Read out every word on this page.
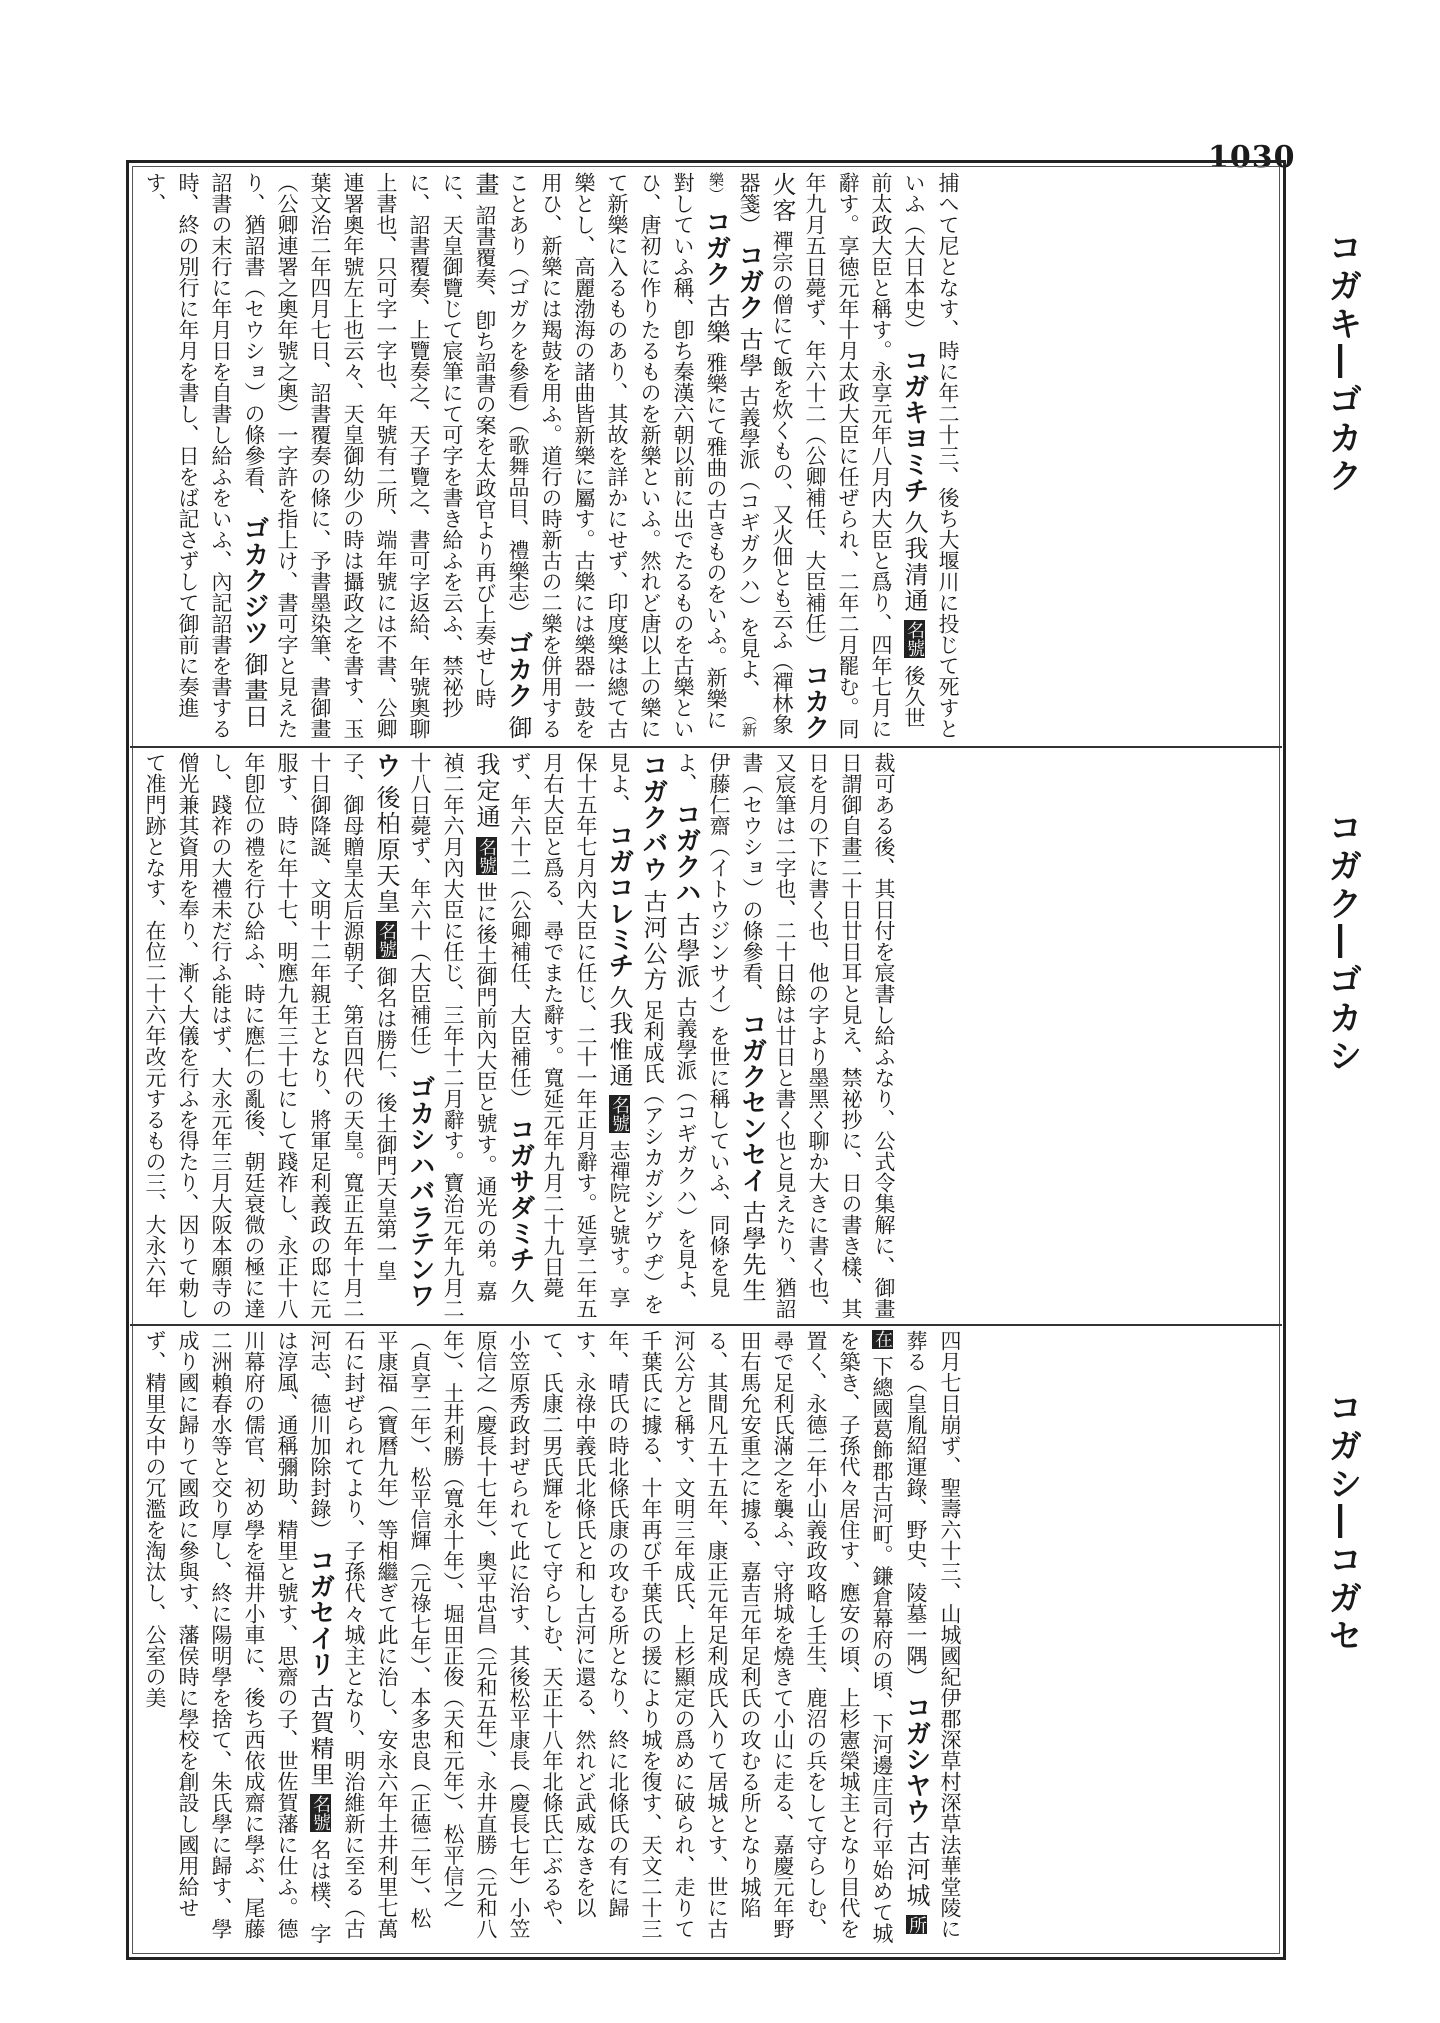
1030
コガキ―ゴカク
コガク―ゴカシ
コガシ―コガセ
捕へて尼となす、時に年二十三、後ち大堰川に投じて死すといふ（大日本史） コガキヨミチ 久我清通 名號 後久世前太政大臣と稱す。永享元年八月内大臣と爲り、四年七月に辭す。享徳元年十月太政大臣に任ぜられ、二年二月罷む。同年九月五日薨ず、年六十二（公卿補任、大臣補任） コカク 火客 禪宗の僧にて飯を炊くもの、又火佃とも云ふ（禪林象器箋） コガク 古學 古義學派（コギガクハ）を見よ、 （新樂） コガク 古樂 雅樂にて雅曲の古きものをいふ。新樂に對していふ稱、卽ち秦漢六朝以前に出でたるものを古樂といひ、唐初に作りたるものを新樂といふ。然れど唐以上の樂にて新樂に入るものあり、其故を詳かにせず、印度樂は總て古樂とし、高麗渤海の諸曲皆新樂に屬す。古樂には樂器一鼓を用ひ、新樂には羯鼓を用ふ。道行の時新古の二樂を併用することあり（ゴガクを參看）（歌舞品目、禮樂志） ゴカク 御畫 詔書覆奏、卽ち詔書の案を太政官より再び上奏せし時に、天皇御覽じて宸筆にて可字を書き給ふを云ふ、禁祕抄に、詔書覆奏、上覽奏之、天子覽之、書可字返給、年號奧聊上書也、只可字一字也、年號有二所、端年號には不書、公卿連署奧年號左上也云々、天皇御幼少の時は攝政之を書す、玉葉文治二年四月七日、詔書覆奏の條に、予書墨染筆、書御畫（公卿連署之奧年號之奧）一字許を指上け、書可字と見えたり、猶詔書（セウショ）の條參看、 ゴカクジツ 御畫日 詔書の末行に年月日を自書し給ふをいふ、內記詔書を書する時、終の別行に年月を書し、日をば記さずして御前に奏進す、
裁可ある後、其日付を宸書し給ふなり、公式令集解に、御畫日謂御自畫二十日廿日耳と見え、禁祕抄に、日の書き樣、其日を月の下に書く也、他の字より墨黑く聊か大きに書く也、又宸筆は二字也、二十日餘は廿日と書く也と見えたり、猶詔書（セウショ）の條參看、 コガクセンセイ 古學先生 伊藤仁齋（イトウジンサイ）を世に稱していふ、同條を見よ、 コガクハ 古學派 古義學派（コギガクハ）を見よ、 コガクバウ 古河公方 足利成氏（アシカガシゲウヂ）を見よ、 コガコレミチ 久我惟通 名號 志禪院と號す。享保十五年七月內大臣に任じ、二十一年正月辭す。延享二年五月右大臣と爲る、尋でまた辭す。寬延元年九月二十九日薨ず、年六十二（公卿補任、大臣補任） コガサダミチ 久我定通 名號 世に後土御門前內大臣と號す。通光の弟。嘉禎二年六月內大臣に任じ、三年十二月辭す。寶治元年九月二十八日薨ず、年六十（大臣補任） ゴカシハバラテンワウ 後柏原天皇 名號 御名は勝仁、後土御門天皇第一皇子、御母贈皇太后源朝子、第百四代の天皇。寬正五年十月二十日御降誕、文明十二年親王となり、將軍足利義政の邸に元服す、時に年十七、明應九年三十七にして踐祚し、永正十八年卽位の禮を行ひ給ふ、時に應仁の亂後、朝廷衰微の極に達し、踐祚の大禮未だ行ふ能はず、大永元年三月大阪本願寺の僧光兼其資用を奉り、漸く大儀を行ふを得たり、因りて勅して准門跡となす、在位二十六年改元するもの三、大永六年
四月七日崩ず、聖壽六十三、山城國紀伊郡深草村深草法華堂陵に葬る（皇胤紹運錄、野史、陵墓一隅） コガシヤウ 古河城 所在 下總國葛飾郡古河町。鎌倉幕府の頃、下河邊庄司行平始めて城を築き、子孫代々居住す、應安の頃、上杉憲榮城主となり目代を置く、永德二年小山義政攻略し壬生、鹿沼の兵をして守らしむ、尋で足利氏滿之を襲ふ、守將城を燒きて小山に走る、嘉慶元年野田右馬允安重之に據る、嘉吉元年足利氏の攻むる所となり城陷る、其間凡五十五年、康正元年足利成氏入りて居城とす、世に古河公方と稱す、文明三年成氏、上杉顯定の爲めに破られ、走りて千葉氏に據る、十年再び千葉氏の援により城を復す、天文二十三年、晴氏の時北條氏康の攻むる所となり、終に北條氏の有に歸す、永祿中義氏北條氏と和し古河に還る、然れど武威なきを以て、氏康二男氏輝をして守らしむ、天正十八年北條氏亡ぶるや、小笠原秀政封ぜられて此に治す、其後松平康長（慶長七年）小笠原信之（慶長十七年）、奧平忠昌（元和五年）、永井直勝（元和八年）、土井利勝（寬永十年）、堀田正俊（天和元年）、松平信之（貞享二年）、松平信輝（元祿七年）、本多忠良（正德二年）、松平康福（寶曆九年）等相繼ぎて此に治し、安永六年土井利里七萬石に封ぜられてより、子孫代々城主となり、明治維新に至る（古河志、德川加除封錄） コガセイリ 古賀精里 名號 名は樸、字は淳風、通稱彌助、精里と號す、思齋の子、世佐賀藩に仕ふ。德川幕府の儒官、初め學を福井小車に、後ち西依成齋に學ぶ、尾藤二洲賴春水等と交り厚し、終に陽明學を捨て、朱氏學に歸す、學成り國に歸りて國政に參與す、藩侯時に學校を創設し國用給せず、精里女中の冗濫を淘汰し、公室の美
